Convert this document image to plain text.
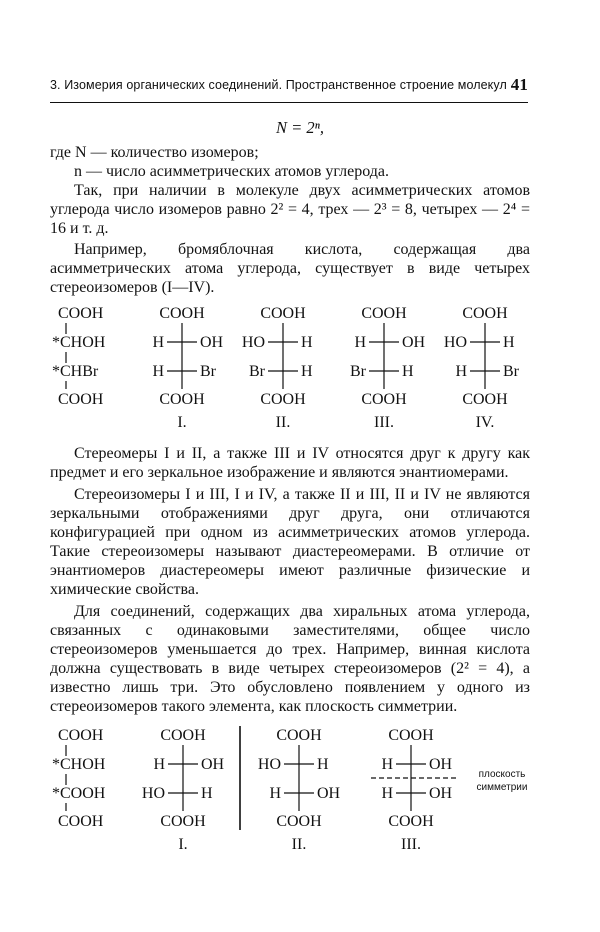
3. Изомерия органических соединений. Пространственное строение молекул 41
N = 2ⁿ,

где N — количество изомеров;

n — число асимметрических атомов углерода.

Так, при наличии в молекуле двух асимметрических атомов углерода число изомеров равно 2² = 4, трех — 2³ = 8, четырех — 2⁴ = 16 и т. д.

Например, бромяблочная кислота, содержащая два асимметрических атома углерода, существует в виде четырех стереоизомеров (I—IV).

COOH
*CHOH
*CHBr
COOH
COOH
H OH
H Br
COOH
I.
COOH
HO H
Br H
COOH
II.
COOH
H OH
Br H
COOH
III.
COOH
HO H
H Br
COOH
IV.

Стереомеры I и II, а также III и IV относятся друг к другу как предмет и его зеркальное изображение и являются энантиомерами.

Стереоизомеры I и III, I и IV, а также II и III, II и IV не являются зеркальными отображениями друг друга, они отличаются конфигурацией при одном из асимметрических атомов углерода. Такие стереоизомеры называют диастереомерами. В отличие от энантиомеров диастереомеры имеют различные физические и химические свойства.

Для соединений, содержащих два хиральных атома углерода, связанных с одинаковыми заместителями, общее число стереоизомеров уменьшается до трех. Например, винная кислота должна существовать в виде четырех стереоизомеров (2² = 4), а известно лишь три. Это обусловлено появлением у одного из стереоизомеров такого элемента, как плоскость симметрии.

COOH
*CHOH
*COOH
COOH
COOH
H OH
HO H
COOH
I.
COOH
HO H
H OH
COOH
II.
COOH
H OH
H OH
COOH
III.
плоскость
симметрии
